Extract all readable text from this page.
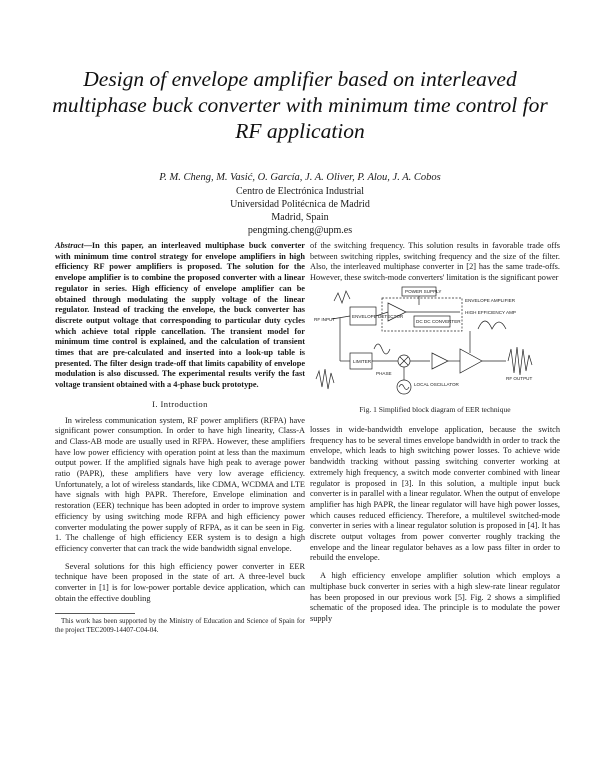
Design of envelope amplifier based on interleaved multiphase buck converter with minimum time control for RF application
P. M. Cheng, M. Vasić, O. García, J. A. Oliver, P. Alou, J. A. Cobos
Centro de Electrónica Industrial
Universidad Politécnica de Madrid
Madrid, Spain
pengming.cheng@upm.es

Abstract—In this paper, an interleaved multiphase buck converter with minimum time control strategy for envelope amplifiers in high efficiency RF power amplifiers is proposed. The solution for the envelope amplifier is to combine the proposed converter with a linear regulator in series. High efficiency of envelope amplifier can be obtained through modulating the supply voltage of the linear regulator. Instead of tracking the envelope, the buck converter has discrete output voltage that corresponding to particular duty cycles which achieve total ripple cancellation. The transient model for minimum time control is explained, and the calculation of transient times that are pre-calculated and inserted into a look-up table is presented. The filter design trade-off that limits capability of envelope modulation is also discussed. The experimental results verify the fast voltage transient obtained with a 4-phase buck prototype.

I. Introduction

In wireless communication system, RF power amplifiers (RFPA) have significant power consumption. In order to have high linearity, Class-A and Class-AB mode are usually used in RFPA. However, these amplifiers have low power efficiency with operation point at less than the maximum output power. If the amplified signals have high peak to average power ratio (PAPR), these amplifiers have very low average efficiency. Unfortunately, a lot of wireless standards, like CDMA, WCDMA and LTE have signals with high PAPR. Therefore, Envelope elimination and restoration (EER) technique has been adopted in order to improve system efficiency by using switching mode RFPA and high efficiency power converter modulating the power supply of RFPA, as it can be seen in Fig. 1. The challenge of high efficiency EER system is to design a high efficiency converter that can track the wide bandwidth signal envelope.

Several solutions for this high efficiency power converter in EER technique have been proposed in the state of art. A three-level buck converter in [1] is for low-power portable device application, which can obtain the effective doubling

This work has been supported by the Ministry of Education and Science of Spain for the project TEC2009-14407-C04-04.

of the switching frequency. This solution results in favorable trade offs between switching ripples, switching frequency and the size of the filter. Also, the interleaved multiphase converter in [2] has the same trade-offs. However, these switch-mode converters' limitation is the significant power

POWER SUPPLY
ENVELOPE AMPLIFIER
DC DC CONVERTER
HIGH EFFICIENCY AMP
ENVELOPE DETECTOR
RF INPUT
LIMITER
PHASE
LOCAL OSCILLATOR
RF OUTPUT
Fig. 1 Simplified block diagram of EER technique

losses in wide-bandwidth envelope application, because the switch frequency has to be several times envelope bandwidth in order to track the envelope, which leads to high switching power losses. To achieve wide bandwidth tracking without passing switching converter working at extremely high frequency, a switch mode converter combined with linear regulator is proposed in [3]. In this solution, a multiple input buck converter is in parallel with a linear regulator. When the output of envelope amplifier has high PAPR, the linear regulator will have high power losses, which causes reduced efficiency. Therefore, a multilevel switched-mode converter in series with a linear regulator solution is proposed in [4]. It has discrete output voltages from power converter roughly tracking the envelope and the linear regulator behaves as a low pass filter in order to rebuild the envelope.

A high efficiency envelope amplifier solution which employs a multiphase buck converter in series with a high slew-rate linear regulator has been proposed in our previous work [5]. Fig. 2 shows a simplified schematic of the proposed idea. The principle is to modulate the power supply
